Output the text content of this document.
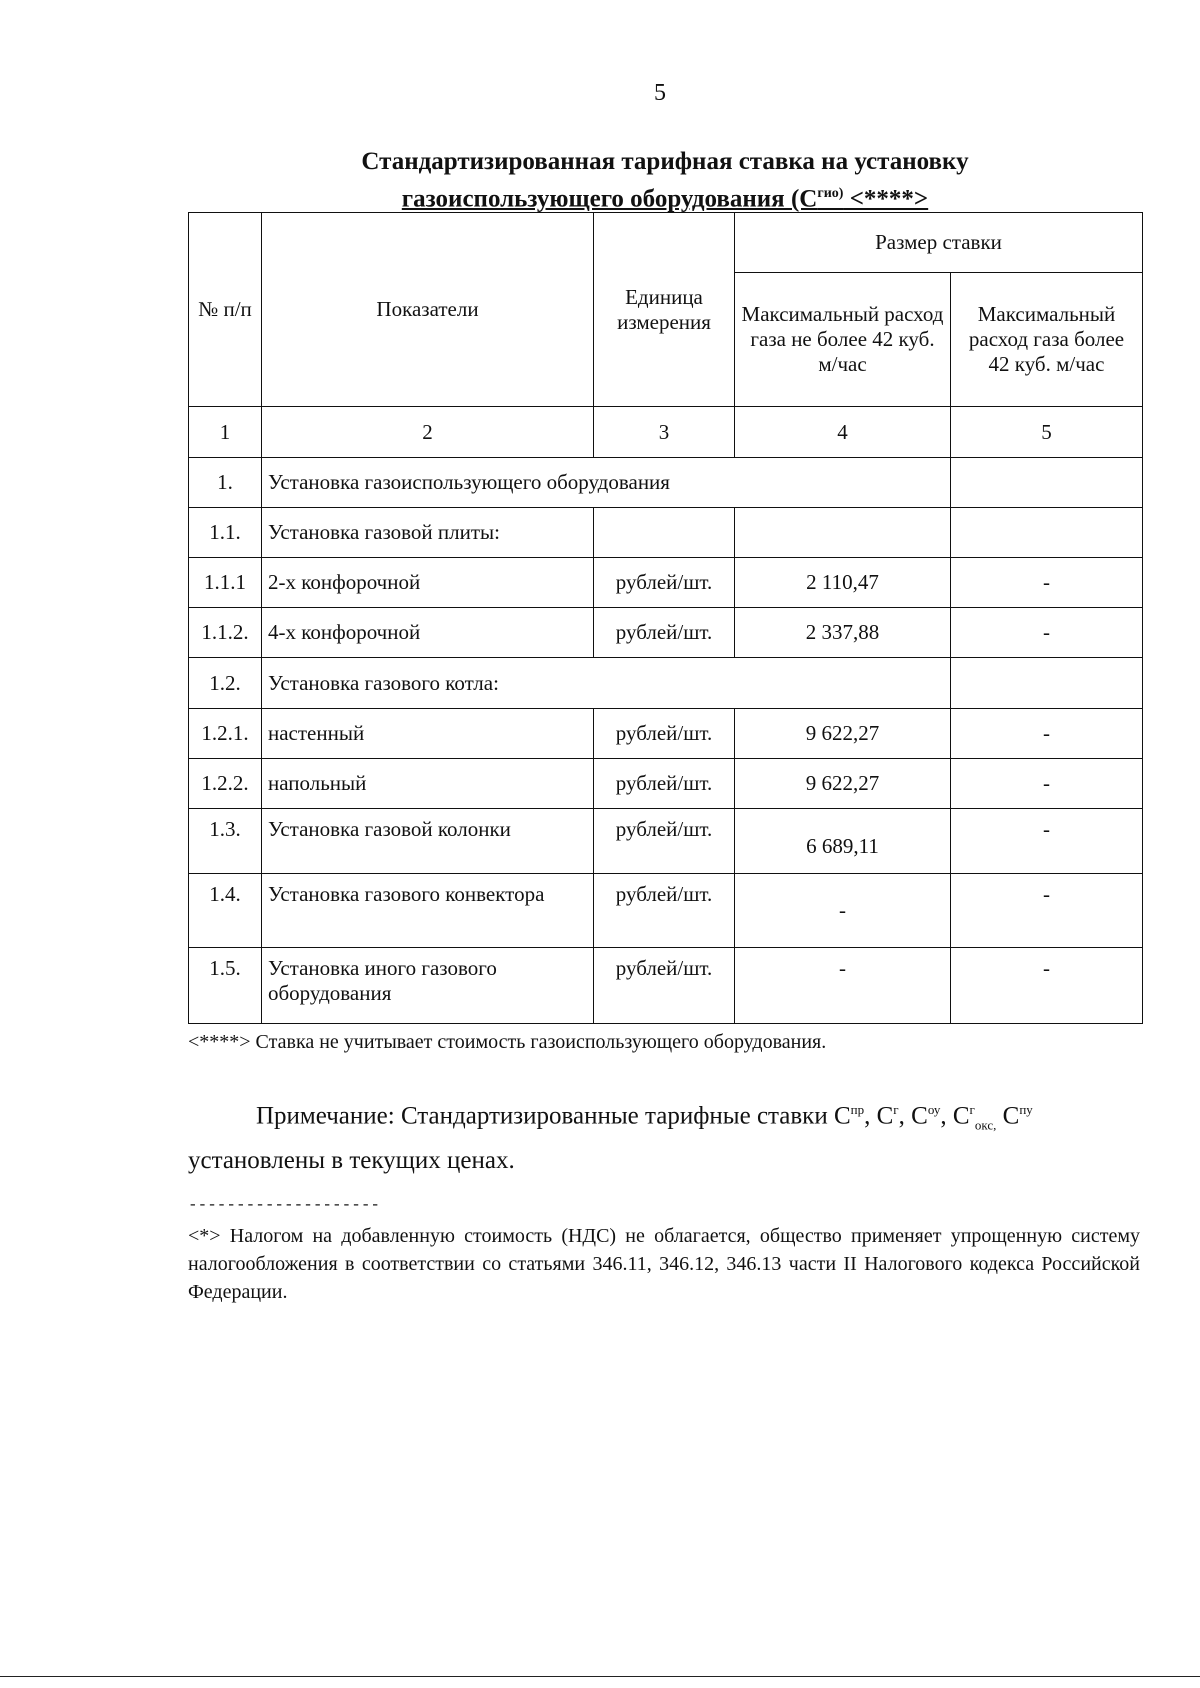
5
Стандартизированная тарифная ставка на установку
газоиспользующего оборудования ($С^{гио)}$ <****>
№ п/п	Показатели	Единица измерения	Размер ставки	
			Максимальный расход газа не более 42 куб. м/час	Максимальный расход газа более 42 куб. м/час
1	2	3	4	5
1.	Установка газоиспользующего оборудования			
1.1.	Установка газовой плиты:			
1.1.1	2-х конфорочной	рублей/шт.	2 110,47	-
1.1.2.	4-х конфорочной	рублей/шт.	2 337,88	-
1.2.	Установка газового котла:			
1.2.1.	настенный	рублей/шт.	9 622,27	-
1.2.2.	напольный	рублей/шт.	9 622,27	-
1.3.	Установка газовой колонки	рублей/шт.	6 689,11	-
1.4.	Установка газового конвектора	рублей/шт.	-	-
1.5.	Установка иного газового оборудования	рублей/шт.	-	-
<****> Ставка не учитывает стоимость газоиспользующего оборудования.
Примечание: Стандартизированные тарифные ставки $С^{пр}$, $С^г$, $С^{оу}$, $С^г_{окс,}$ $С^{пу}$ установлены в текущих ценах.
--------------------
<*> Налогом на добавленную стоимость (НДС) не облагается, общество применяет упрощенную систему налогообложения в соответствии со статьями 346.11, 346.12, 346.13 части II Налогового кодекса Российской Федерации.
